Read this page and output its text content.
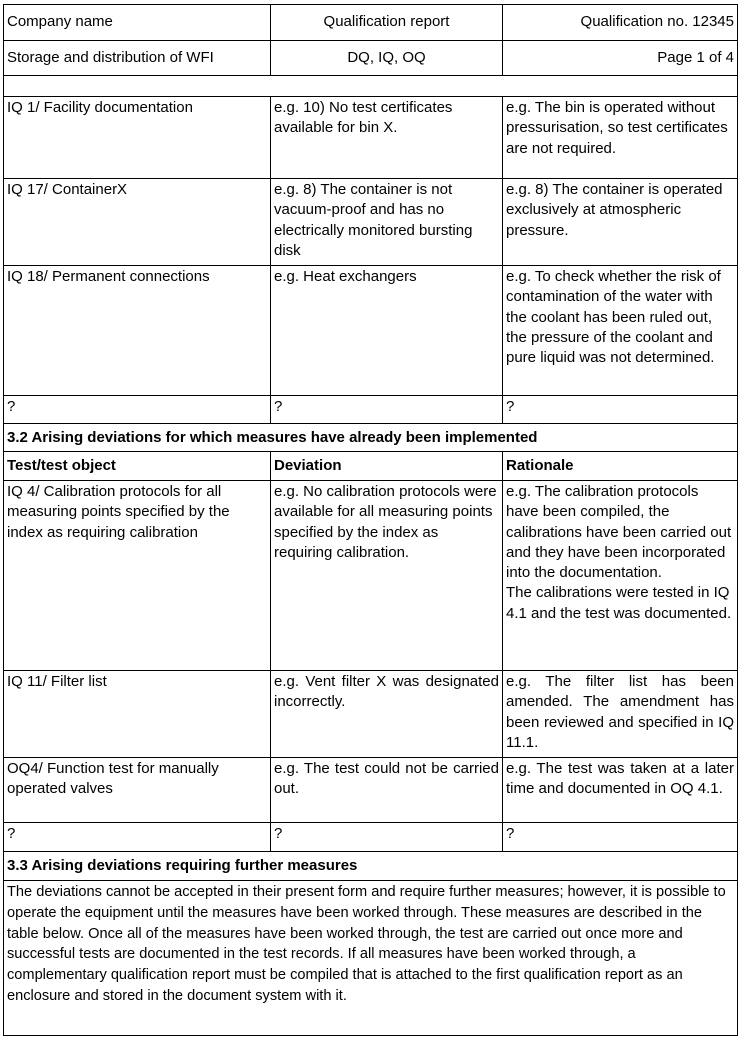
Company name	Qualification report	Qualification no. 12345
Storage and distribution of WFI	DQ, IQ, OQ	Page 1 of 4

IQ 1/ Facility documentation	e.g. 10) No test certificates available for bin X.	e.g. The bin is operated without pressurisation, so test certificates are not required.
IQ 17/ ContainerX	e.g. 8) The container is not vacuum-proof and has no electrically monitored bursting disk	e.g. 8) The container is operated exclusively at atmospheric pressure.
IQ 18/ Permanent connections	e.g. Heat exchangers	e.g. To check whether the risk of contamination of the water with the coolant has been ruled out, the pressure of the coolant and pure liquid was not determined.
?	?	?
3.2 Arising deviations for which measures have already been implemented		
Test/test object	Deviation	Rationale
IQ 4/ Calibration protocols for all measuring points specified by the index as requiring calibration	e.g. No calibration protocols were available for all measuring points specified by the index as requiring calibration.	e.g. The calibration protocols have been compiled, the calibrations have been carried out and they have been incorporated into the documentation.
The calibrations were tested in IQ 4.1 and the test was documented.

IQ 11/ Filter list	e.g. Vent filter X was designated incorrectly.	e.g. The filter list has been amended. The amendment has been reviewed and specified in IQ 11.1.
OQ4/ Function test for manually operated valves	e.g. The test could not be carried out.	e.g. The test was taken at a later time and documented in OQ 4.1.
?	?	?
3.3 Arising deviations requiring further measures		
The deviations cannot be accepted in their present form and require further measures; however, it is possible to operate the equipment until the measures have been worked through. These measures are described in the table below. Once all of the measures have been worked through, the test are carried out once more and successful tests are documented in the test records. If all measures have been worked through, a complementary qualification report must be compiled that is attached to the first qualification report as an enclosure and stored in the document system with it.		
